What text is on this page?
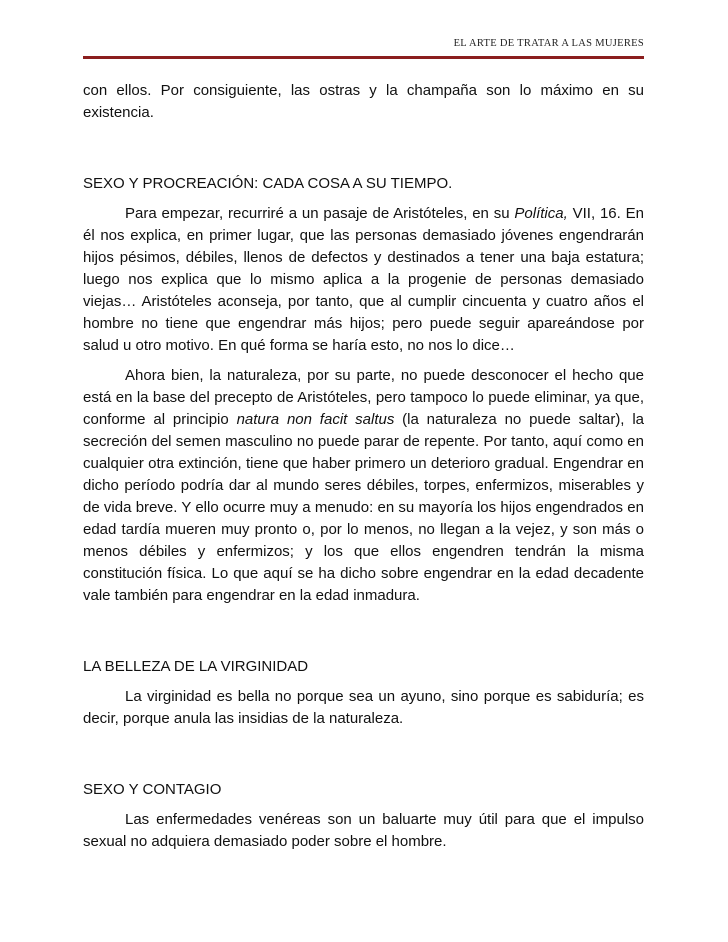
EL ARTE DE TRATAR A LAS MUJERES

con ellos. Por consiguiente, las ostras y la champaña son lo máximo en su existencia.

SEXO Y PROCREACIÓN: CADA COSA A SU TIEMPO.

Para empezar, recurriré a un pasaje de Aristóteles, en su Política, VII, 16. En él nos explica, en primer lugar, que las personas demasiado jóvenes engendrarán hijos pésimos, débiles, llenos de defectos y destinados a tener una baja estatura; luego nos explica que lo mismo aplica a la progenie de personas demasiado viejas… Aristóteles aconseja, por tanto, que al cumplir cincuenta y cuatro años el hombre no tiene que engendrar más hijos; pero puede seguir apareándose por salud u otro motivo. En qué forma se haría esto, no nos lo dice…

Ahora bien, la naturaleza, por su parte, no puede desconocer el hecho que está en la base del precepto de Aristóteles, pero tampoco lo puede eliminar, ya que, conforme al principio natura non facit saltus (la naturaleza no puede saltar), la secreción del semen masculino no puede parar de repente. Por tanto, aquí como en cualquier otra extinción, tiene que haber primero un deterioro gradual. Engendrar en dicho período podría dar al mundo seres débiles, torpes, enfermizos, miserables y de vida breve. Y ello ocurre muy a menudo: en su mayoría los hijos engendrados en edad tardía mueren muy pronto o, por lo menos, no llegan a la vejez, y son más o menos débiles y enfermizos; y los que ellos engendren tendrán la misma constitución física. Lo que aquí se ha dicho sobre engendrar en la edad decadente vale también para engendrar en la edad inmadura.

LA BELLEZA DE LA VIRGINIDAD

La virginidad es bella no porque sea un ayuno, sino porque es sabiduría; es decir, porque anula las insidias de la naturaleza.

SEXO Y CONTAGIO

Las enfermedades venéreas son un baluarte muy útil para que el impulso sexual no adquiera demasiado poder sobre el hombre.
